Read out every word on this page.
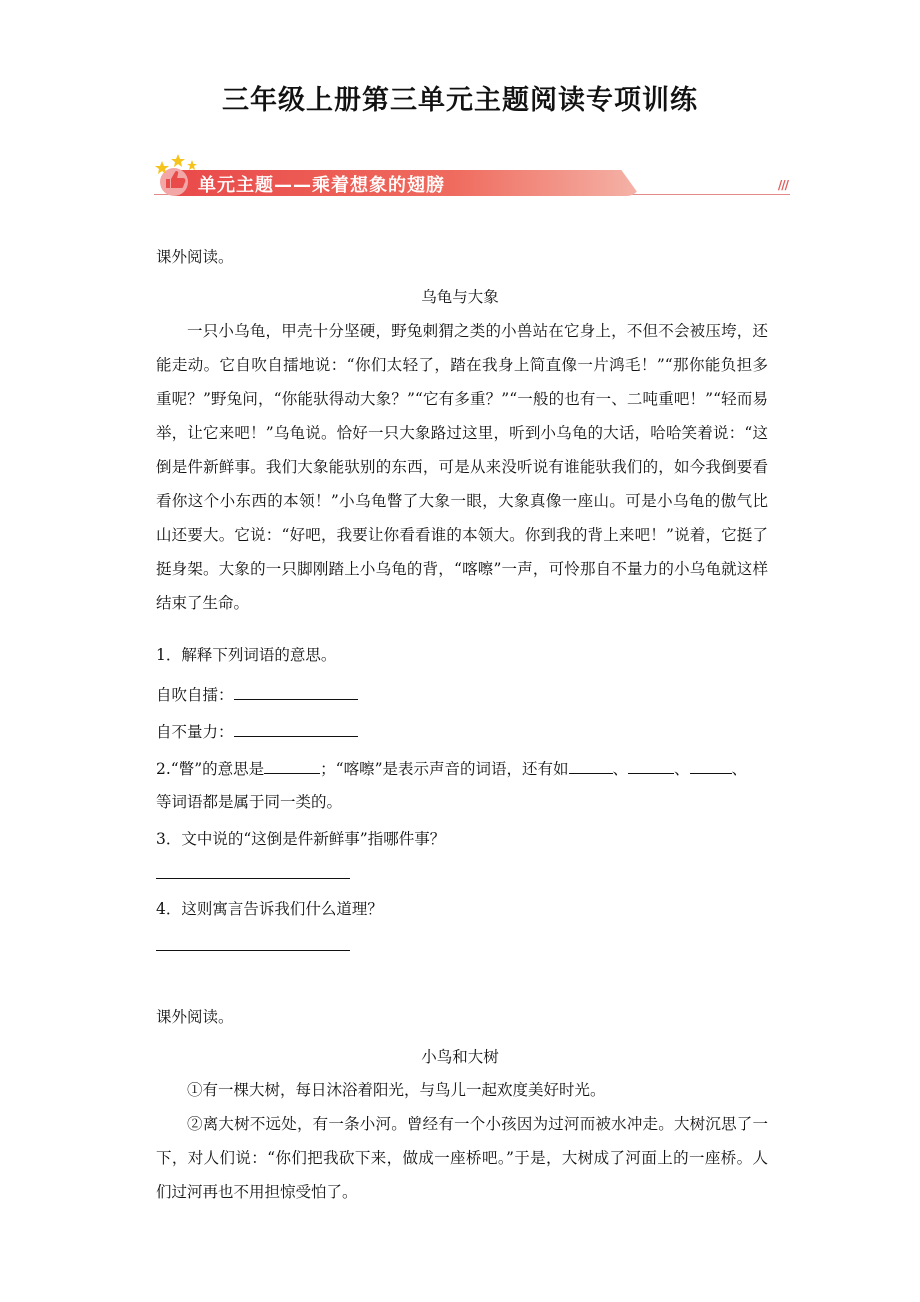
三年级上册第三单元主题阅读专项训练
单元主题——乘着想象的翅膀	///

课外阅读。

乌龟与大象

一只小乌龟，甲壳十分坚硬，野兔刺猬之类的小兽站在它身上，不但不会被压垮，还能走动。它自吹自擂地说：“你们太轻了，踏在我身上简直像一片鸿毛！”“那你能负担多重呢？”野兔问，“你能驮得动大象？”“它有多重？”“一般的也有一、二吨重吧！”“轻而易举，让它来吧！”乌龟说。恰好一只大象路过这里，听到小乌龟的大话，哈哈笑着说：“这倒是件新鲜事。我们大象能驮别的东西，可是从来没听说有谁能驮我们的，如今我倒要看看你这个小东西的本领！”小乌龟瞥了大象一眼，大象真像一座山。可是小乌龟的傲气比山还要大。它说：“好吧，我要让你看看谁的本领大。你到我的背上来吧！”说着，它挺了挺身架。大象的一只脚刚踏上小乌龟的背，“喀嚓”一声，可怜那自不量力的小乌龟就这样结束了生命。

1．解释下列词语的意思。

自吹自擂：
自不量力：
2.“瞥”的意思是	；“喀嚓”是表示声音的词语，还有如	、	、	、

等词语都是属于同一类的。

3．文中说的“这倒是件新鲜事”指哪件事？

4．这则寓言告诉我们什么道理？

课外阅读。

小鸟和大树

①有一棵大树，每日沐浴着阳光，与鸟儿一起欢度美好时光。

②离大树不远处，有一条小河。曾经有一个小孩因为过河而被水冲走。大树沉思了一下，对人们说：“你们把我砍下来，做成一座桥吧。”于是，大树成了河面上的一座桥。人们过河再也不用担惊受怕了。
